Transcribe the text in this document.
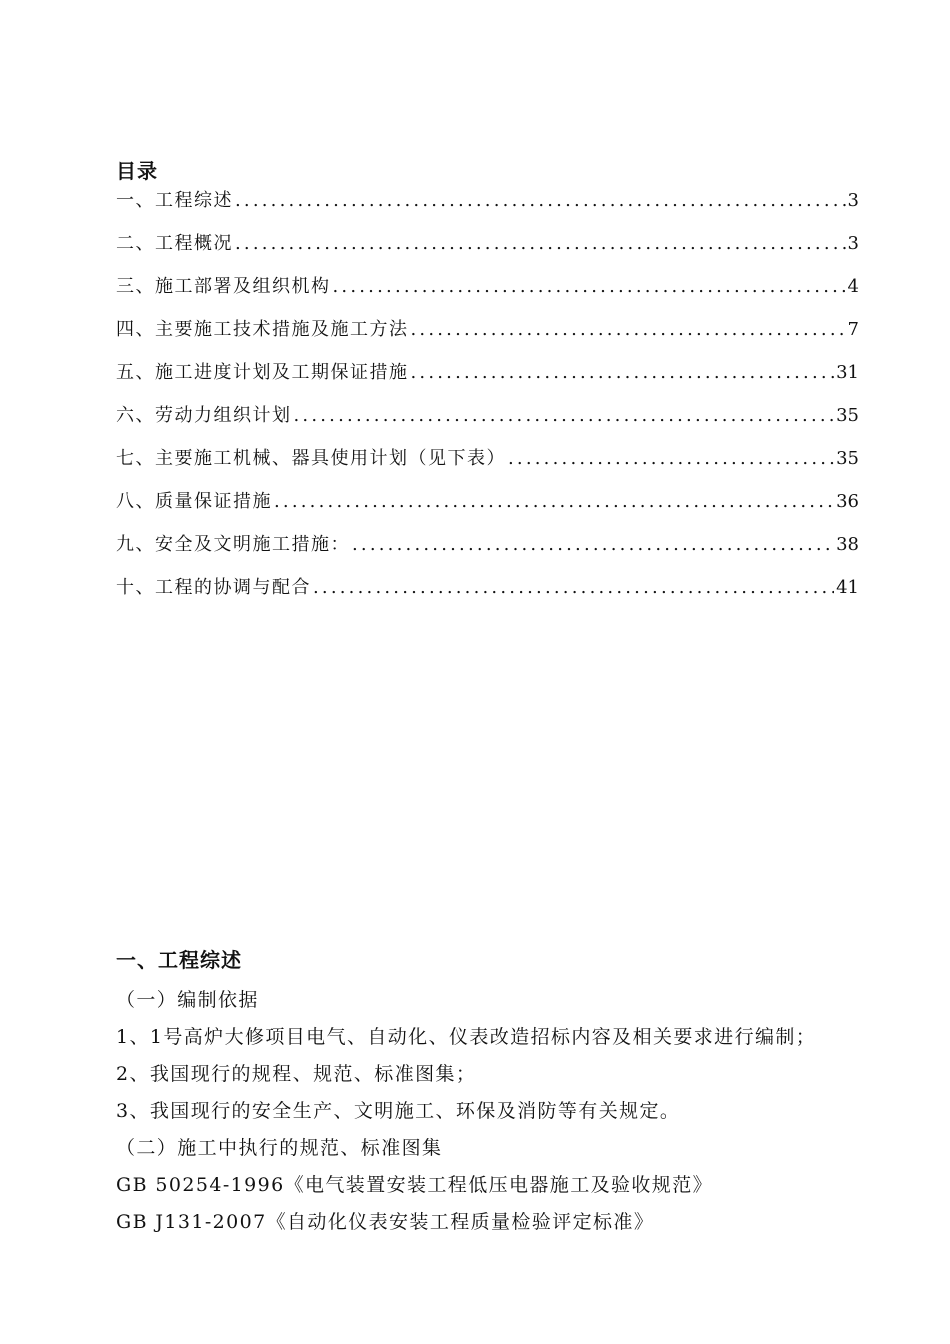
目录
一、工程综述 .....	3
二、工程概况 .....	3
三、施工部署及组织机构 .....	4
四、主要施工技术措施及施工方法 .....	7
五、施工进度计划及工期保证措施 .....	31
六、劳动力组织计划 .....	35
七、主要施工机械、器具使用计划（见下表） .....	35
八、质量保证措施 .....	36
九、安全及文明施工措施： .....	38
十、工程的协调与配合 .....	41
一、工程综述

（一）编制依据

1、1号高炉大修项目电气、自动化、仪表改造招标内容及相关要求进行编制；

2、我国现行的规程、规范、标准图集；

3、我国现行的安全生产、文明施工、环保及消防等有关规定。

（二）施工中执行的规范、标准图集

GB 50254-1996《电气装置安装工程低压电器施工及验收规范》

GB J131-2007《自动化仪表安装工程质量检验评定标准》
